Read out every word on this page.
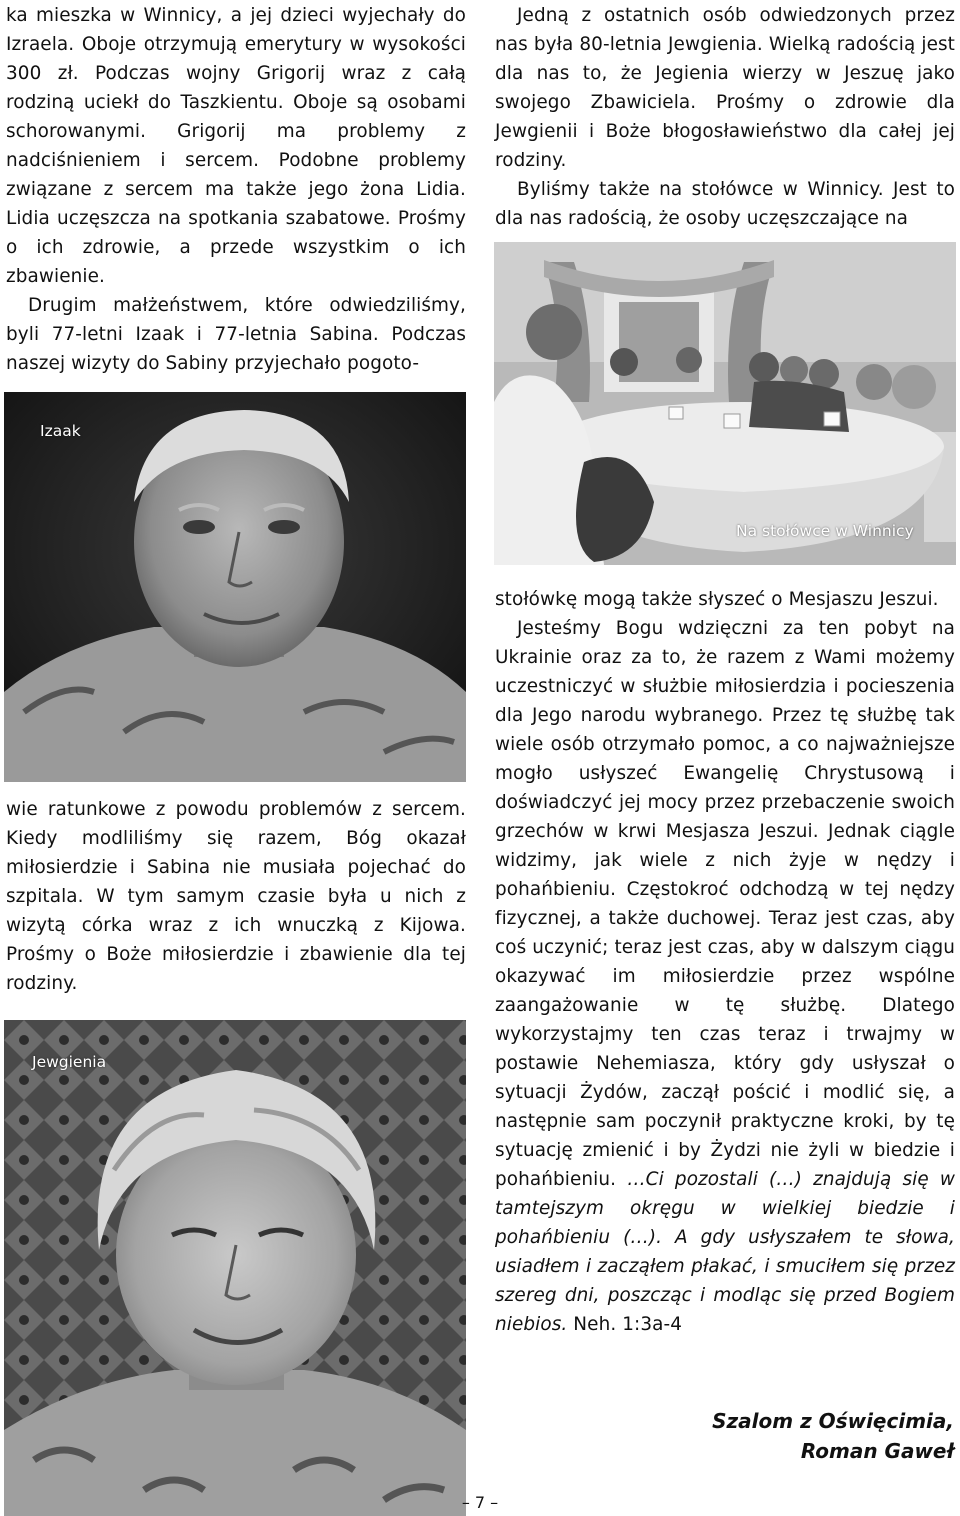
ka mieszka w Winnicy, a jej dzieci wyjechały do Izraela. Oboje otrzymują emerytury w wysokości 300 zł. Podczas wojny Grigorij wraz z całą rodziną uciekł do Taszkientu. Oboje są osobami schorowanymi. Grigorij ma problemy z nadciśnieniem i sercem. Podobne problemy związane z sercem ma także jego żona Lidia. Lidia uczęszcza na spotkania szabatowe. Prośmy o ich zdrowie, a przede wszystkim o ich zbawienie.

Drugim małżeństwem, które odwiedziliśmy, byli 77-letni Izaak i 77-letnia Sabina. Podczas naszej wizyty do Sabiny przyjechało pogoto-

Jedną z ostatnich osób odwiedzonych przez nas była 80-letnia Jewgienia. Wielką radością jest dla nas to, że Jegienia wierzy w Jeszuę jako swojego Zbawiciela. Prośmy o zdrowie dla Jewgienii i Boże błogosławieństwo dla całej jej rodziny.

Byliśmy także na stołówce w Winnicy. Jest to dla nas radością, że osoby uczęszczające na

Izaak
Na stołówce w Winnicy

wie ratunkowe z powodu problemów z sercem. Kiedy modliliśmy się razem, Bóg okazał miłosierdzie i Sabina nie musiała pojechać do szpitala. W tym samym czasie była u nich z wizytą córka wraz z ich wnuczką z Kijowa. Prośmy o Boże miłosierdzie i zbawienie dla tej rodziny.

stołówkę mogą także słyszeć o Mesjaszu Jeszui.

Jesteśmy Bogu wdzięczni za ten pobyt na Ukrainie oraz za to, że razem z Wami możemy uczestniczyć w służbie miłosierdzia i pocieszenia dla Jego narodu wybranego. Przez tę służbę tak wiele osób otrzymało pomoc, a co najważniejsze mogło usłyszeć Ewangelię Chrystusową i doświadczyć jej mocy przez przebaczenie swoich grzechów w krwi Mesjasza Jeszui. Jednak ciągle widzimy, jak wiele z nich żyje w nędzy i pohańbieniu. Częstokroć odchodzą w tej nędzy fizycznej, a także duchowej. Teraz jest czas, aby coś uczynić; teraz jest czas, aby w dalszym ciągu okazywać im miłosierdzie przez wspólne zaangażowanie w tę służbę. Dlatego wykorzystajmy ten czas teraz i trwajmy w postawie Nehemiasza, który gdy usłyszał o sytuacji Żydów, zaczął pościć i modlić się, a następnie sam poczynił praktyczne kroki, by tę sytuację zmienić i by Żydzi nie żyli w biedzie i pohańbieniu. …Ci pozostali (…) znajdują się w tamtejszym okręgu w wielkiej biedzie i pohańbieniu (…). A gdy usłyszałem te słowa, usiadłem i zacząłem płakać, i smuciłem się przez szereg dni, poszcząc i modląc się przed Bogiem niebios. Neh. 1:3a-4

Jewgienia
Szalom z Oświęcimia,
Roman Gaweł
– 7 –
